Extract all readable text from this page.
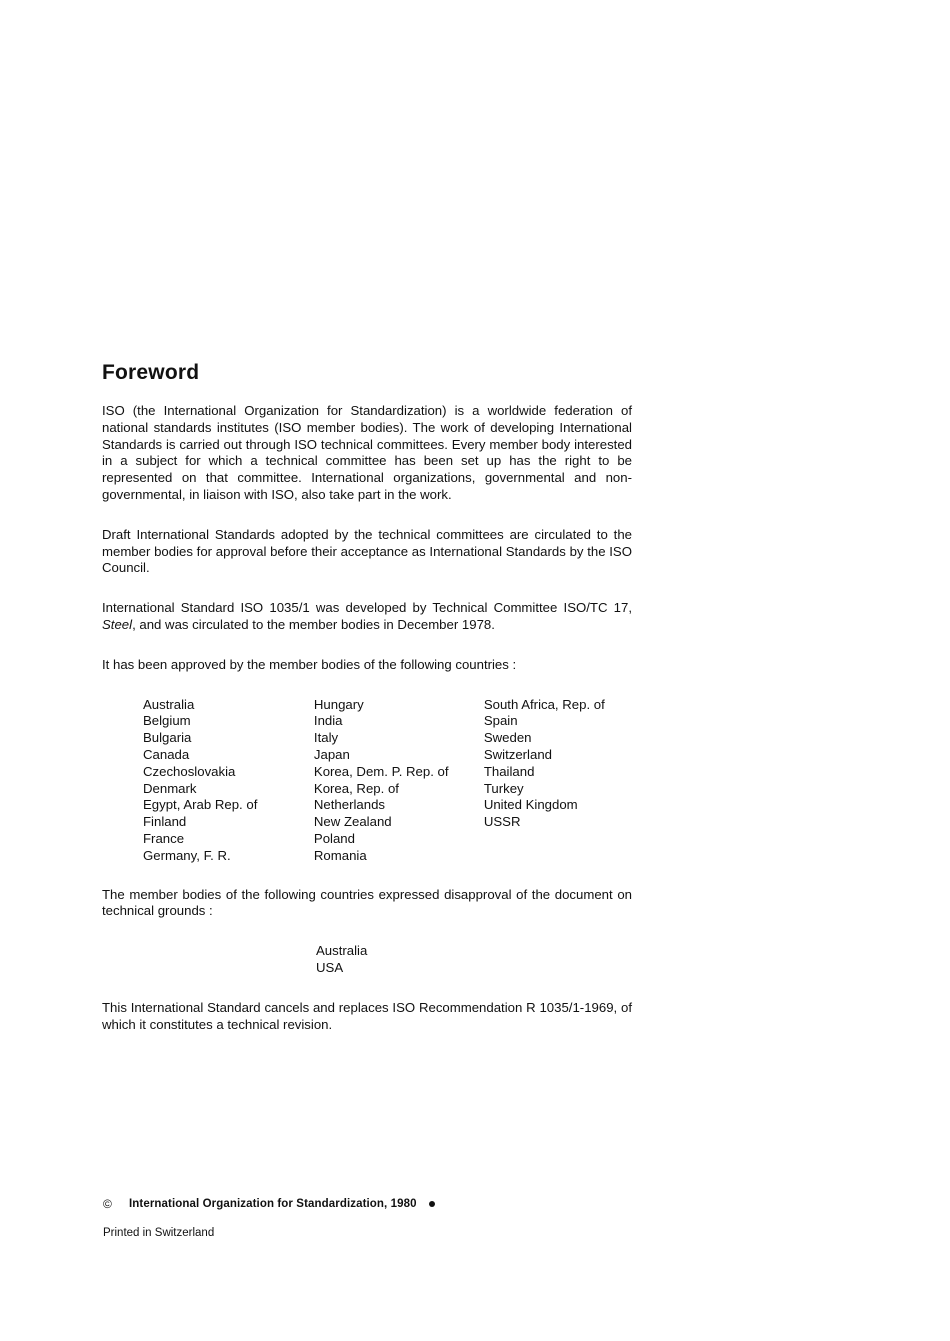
Foreword

ISO (the International Organization for Standardization) is a worldwide federation of national standards institutes (ISO member bodies). The work of developing International Standards is carried out through ISO technical committees. Every member body interested in a subject for which a technical committee has been set up has the right to be represented on that committee. International organizations, governmental and non-governmental, in liaison with ISO, also take part in the work.

Draft International Standards adopted by the technical committees are circulated to the member bodies for approval before their acceptance as International Standards by the ISO Council.

International Standard ISO 1035/1 was developed by Technical Committee ISO/TC 17, Steel, and was circulated to the member bodies in December 1978.

It has been approved by the member bodies of the following countries :

Australia
Belgium
Bulgaria
Canada
Czechoslovakia
Denmark
Egypt, Arab Rep. of
Finland
France
Germany, F. R.
Hungary
India
Italy
Japan
Korea, Dem. P. Rep. of
Korea, Rep. of
Netherlands
New Zealand
Poland
Romania
South Africa, Rep. of
Spain
Sweden
Switzerland
Thailand
Turkey
United Kingdom
USSR

The member bodies of the following countries expressed disapproval of the document on technical grounds :

Australia
USA

This International Standard cancels and replaces ISO Recommendation R 1035/1-1969, of which it constitutes a technical revision.

©	International Organization for Standardization, 1980
Printed in Switzerland
